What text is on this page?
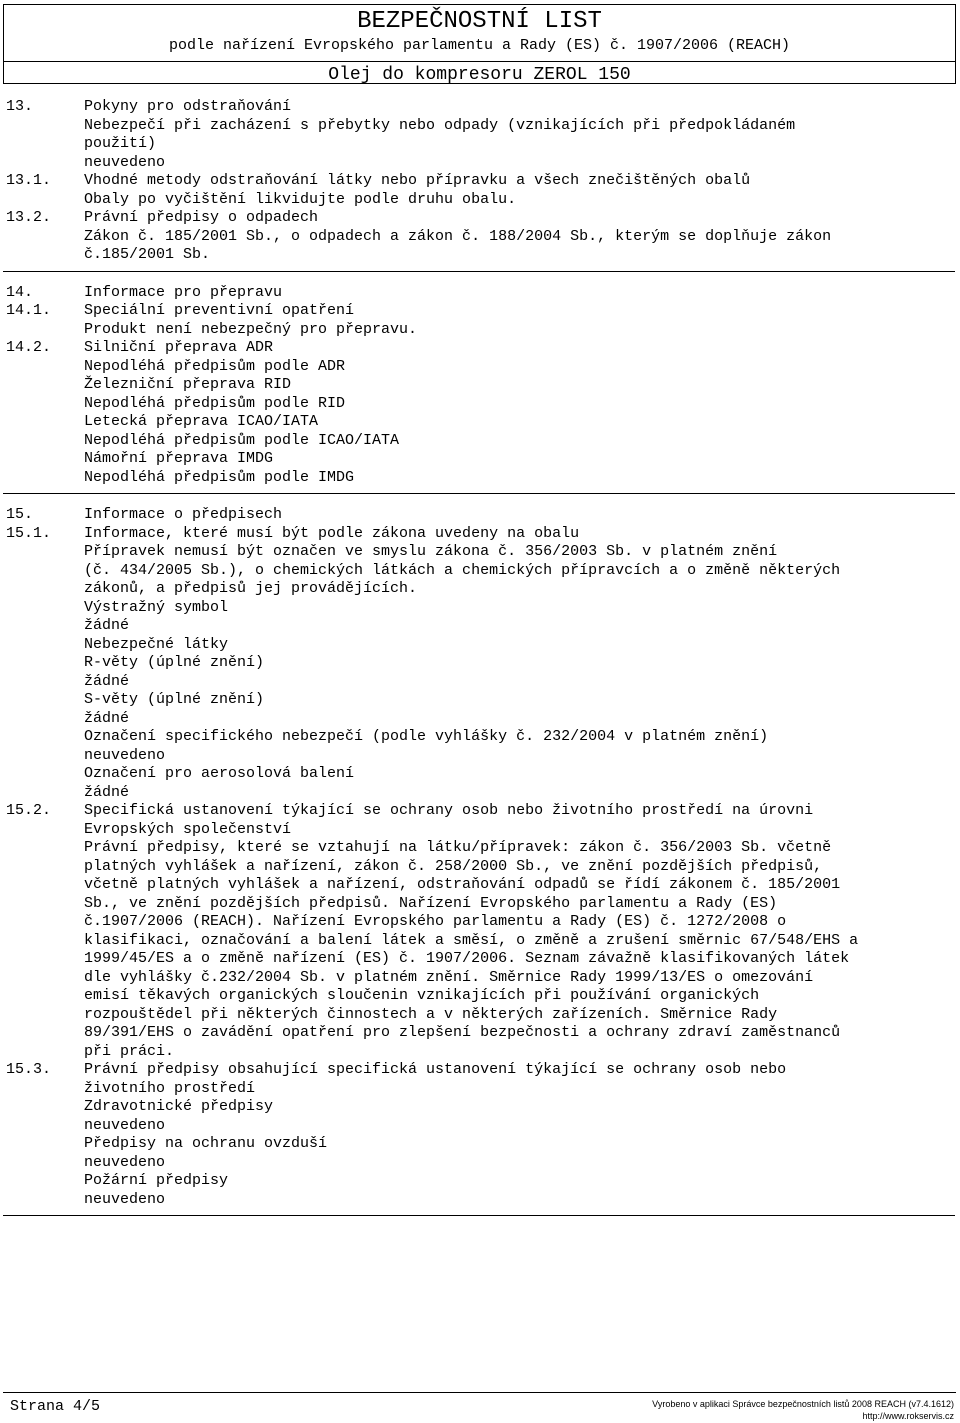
BEZPEČNOSTNÍ LIST
podle nařízení Evropského parlamentu a Rady (ES) č. 1907/2006 (REACH)
Olej do kompresoru ZEROL 150
13.	Pokyny pro odstraňování
Nebezpečí při zacházení s přebytky nebo odpady (vznikajících při předpokládaném
použití)
neuvedeno
13.1.	Vhodné metody odstraňování látky nebo přípravku a všech znečištěných obalů
Obaly po vyčištění likvidujte podle druhu obalu.
13.2.	Právní předpisy o odpadech
Zákon č. 185/2001 Sb., o odpadech a zákon č. 188/2004 Sb., kterým se doplňuje zákon
č.185/2001 Sb.
14.	Informace pro přepravu
14.1.	Speciální preventivní opatření
Produkt není nebezpečný pro přepravu.
14.2.	Silniční přeprava ADR
Nepodléhá předpisům podle ADR
Železniční přeprava RID
Nepodléhá předpisům podle RID
Letecká přeprava ICAO/IATA
Nepodléhá předpisům podle ICAO/IATA
Námořní přeprava IMDG
Nepodléhá předpisům podle IMDG
15.	Informace o předpisech
15.1.	Informace, které musí být podle zákona uvedeny na obalu
Přípravek nemusí být označen ve smyslu zákona č. 356/2003 Sb. v platném znění
(č. 434/2005 Sb.), o chemických látkách a chemických přípravcích a o změně některých
zákonů, a předpisů jej provádějících.
Výstražný symbol
žádné
Nebezpečné látky
R-věty (úplné znění)
žádné
S-věty (úplné znění)
žádné
Označení specifického nebezpečí (podle vyhlášky č. 232/2004 v platném znění)
neuvedeno
Označení pro aerosolová balení
žádné
15.2.	Specifická ustanovení týkající se ochrany osob nebo životního prostředí na úrovni
Evropských společenství
Právní předpisy, které se vztahují na látku/přípravek: zákon č. 356/2003 Sb. včetně
platných vyhlášek a nařízení, zákon č. 258/2000 Sb., ve znění pozdějších předpisů,
včetně platných vyhlášek a nařízení, odstraňování odpadů se řídí zákonem č. 185/2001
Sb., ve znění pozdějších předpisů. Nařízení Evropského parlamentu a Rady (ES)
č.1907/2006 (REACH). Nařízení Evropského parlamentu a Rady (ES) č. 1272/2008 o
klasifikaci, označování a balení látek a směsí, o změně a zrušení směrnic 67/548/EHS a
1999/45/ES a o změně nařízení (ES) č. 1907/2006. Seznam závažně klasifikovaných látek
dle vyhlášky č.232/2004 Sb. v platném znění. Směrnice Rady 1999/13/ES o omezování
emisí těkavých organických sloučenin vznikajících při používání organických
rozpouštědel při některých činnostech a v některých zařízeních. Směrnice Rady
89/391/EHS o zavádění opatření pro zlepšení bezpečnosti a ochrany zdraví zaměstnanců
při práci.
15.3.	Právní předpisy obsahující specifická ustanovení týkající se ochrany osob nebo
životního prostředí
Zdravotnické předpisy
neuvedeno
Předpisy na ochranu ovzduší
neuvedeno
Požární předpisy
neuvedeno
Strana 4/5	Vyrobeno v aplikaci Správce bezpečnostních listů 2008 REACH (v7.4.1612)
http://www.rokservis.cz
